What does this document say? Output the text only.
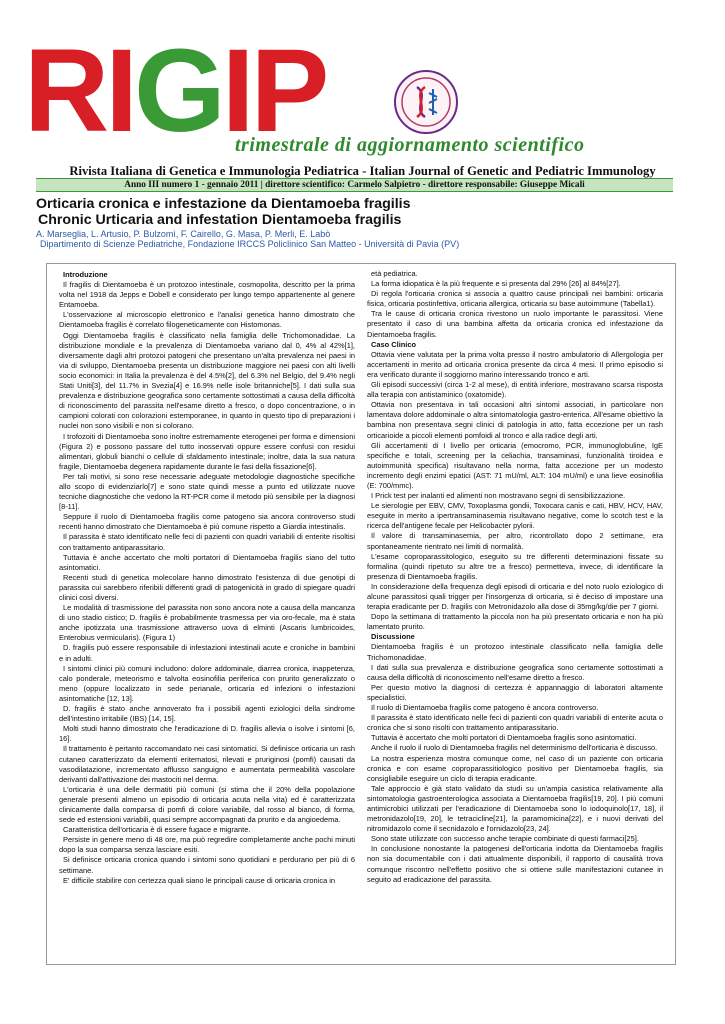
RIGIP
trimestrale di aggiornamento scientifico
Rivista Italiana di Genetica e Immunologia Pediatrica - Italian Journal of Genetic and Pediatric Immunology
Anno III numero 1 - gennaio 2011 | direttore scientifico: Carmelo Salpietro - direttore responsabile: Giuseppe Micali
Orticaria cronica e infestazione da Dientamoeba fragilis
Chronic Urticaria and infestation Dientamoeba fragilis
A. Marseglia, L. Artusio, P. Bulzomì, F. Cairello, G. Masa, P. Merli, E. Labò
Dipartimento di Scienze Pediatriche, Fondazione IRCCS Policlinico San Matteo - Università di Pavia (PV)
Introduzione

Il fragilis di Dientamoeba è un protozoo intestinale, cosmopolita, descritto per la prima volta nel 1918 da Jepps e Dobell e considerato per lungo tempo appartenente al genere Entamoeba.

L'osservazione al microscopio elettronico e l'analisi genetica hanno dimostrato che Dientamoeba fragilis è correlato filogeneticamente con Histomonas.

Oggi Dientamoeba fragilis è classificato nella famiglia delle Trichomonadidae. La distribuzione mondiale e la prevalenza di Dientamoeba variano dal 0, 4% al 42%[1], diversamente dagli altri protozoi patogeni che presentano un'alta prevalenza nei paesi in via di sviluppo, Dientamoeba presenta un distribuzione maggiore nei paesi con alti livelli socio economici: in Italia la prevalenza è del 4.5%[2], del 6.3% nel Belgio, del 9.4% negli Stati Uniti[3], del 11.7% in Svezia[4] e 16.9% nelle isole britanniche[5]. I dati sulla sua prevalenza e distribuzione geografica sono certamente sottostimati a causa della difficoltà di riconoscimento del parassita nell'esame diretto a fresco, o dopo concentrazione, o in campioni colorati con colorazioni estemporanee, in quanto in questo tipo di preparazioni i nuclei non sono visibili e non si colorano.

I trofozoiti di Dientamoeba sono inoltre estremamente eterogenei per forma e dimensioni (Figura 2) e possono passare del tutto inosservati oppure essere confusi con residui alimentari, globuli bianchi o cellule di sfaldamento intestinale; inoltre, data la sua natura fragile, Dientamoeba degenera rapidamente durante le fasi della fissazione[6].

Per tali motivi, si sono rese necessarie adeguate metodologie diagnostiche specifiche allo scopo di evidenziarlo[7] e sono state quindi messe a punto ed utilizzate nuove tecniche diagnostiche che vedono la RT-PCR come il metodo più sensibile per la diagnosi [8-11].

Seppure il ruolo di Dientamoeba fragilis come patogeno sia ancora controverso studi recenti hanno dimostrato che Dientamoeba è più comune rispetto a Giardia intestinalis.

Il parassita è stato identificato nelle feci di pazienti con quadri variabili di enterite risoltisi con trattamento antiparassitario.

Tuttavia è anche accertato che molti portatori di Dientamoeba fragilis siano del tutto asintomatici.

Recenti studi di genetica molecolare hanno dimostrato l'esistenza di due genotipi di parassita cui sarebbero riferibili differenti gradi di patogenicità in grado di spiegare quadri clinici così diversi.

Le modalità di trasmissione del parassita non sono ancora note a causa della mancanza di uno stadio cistico; D. fragilis è probabilmente trasmessa per via oro-fecale, ma è stata anche ipotizzata una trasmissione attraverso uova di elminti (Ascaris lumbricoides, Enterobius vermicularis). (Figura 1)

D. fragilis può essere responsabile di infestazioni intestinali acute e croniche in bambini e in adulti.

I sintomi clinici più comuni includono: dolore addominale, diarrea cronica, inappetenza, calo ponderale, meteorismo e talvolta eosinofilia periferica con prurito generalizzato o meno (oppure localizzato in sede perianale, orticaria ed infezioni o infestazioni asintomatiche [12, 13].

D. fragilis è stato anche annoverato fra i possibili agenti eziologici della sindrome dell'intestino irritabile (IBS) [14, 15].

Molti studi hanno dimostrato che l'eradicazione di D. fragilis allevia o isolve i sintomi [6, 16].

Il trattamento è pertanto raccomandato nei casi sintomatici. Si definisce orticaria un rash cutaneo caratterizzato da elementi eritematosi, rilevati e pruriginosi (pomfi) causati da vasodilatazione, incrementato afflusso sanguigno e aumentata permeabilità vascolare derivanti dall'attivazione dei mastociti nel derma.

L'orticaria è una delle dermatiti più comuni (si stima che il 20% della popolazione generale presenti almeno un episodio di orticaria acuta nella vita) ed è caratterizzata clinicamente dalla comparsa di pomfi di colore variabile, dal rosso al bianco, di forma, sede ed estensioni variabili, quasi sempre accompagnati da prurito e da angioedema.

Caratteristica dell'orticaria è di essere fugace e migrante.

Persiste in genere meno di 48 ore, ma può regredire completamente anche pochi minuti dopo la sua comparsa senza lasciare esiti.

Si definisce orticaria cronica quando i sintomi sono quotidiani e perdurano per più di 6 settimane.

E' difficile stabilire con certezza quali siano le principali cause di orticaria cronica in

età pediatrica.

La forma idiopatica è la più frequente e si presenta dal 29% [26] al 84%[27].

Di regola l'orticaria cronica si associa a quattro cause principali nei bambini: orticaria fisica, orticaria postinfettiva, orticaria allergica, orticaria su base autoimmune (Tabella1).

Tra le cause di orticaria cronica rivestono un ruolo importante le parassitosi. Viene presentato il caso di una bambina affetta da orticaria cronica ed infestazione da Dientamoeba fragilis.

Caso Clinico

Ottavia viene valutata per la prima volta presso il nostro ambulatorio di Allergologia per accertamenti in merito ad orticaria cronica presente da circa 4 mesi. Il primo episodio si era verificato durante il soggiorno marino interessando tronco e arti.

Gli episodi successivi (circa 1-2 al mese), di entità inferiore, mostravano scarsa risposta alla terapia con antistaminico (oxatomide).

Ottavia non presentava in tali occasioni altri sintomi associati, in particolare non lamentava dolore addominale o altra sintomatologia gastro-enterica. All'esame obiettivo la bambina non presentava segni clinici di patologia in atto, fatta eccezione per un rash orticarioide a piccoli elementi pomfoidi al tronco e alla radice degli arti.

Gli accertamenti di I livello per orticaria (emocromo, PCR, immunoglobuline, IgE specifiche e totali, screening per la celiachia, transaminasi, funzionalità tiroidea e autoimmunità specifica) risultavano nella norma, fatta accezione per un modesto incremento degli enzimi epatici (AST: 71 mU/ml, ALT: 104 mU/ml) e una lieve eosinofilia (E: 700/mmc).

I Prick test per inalanti ed alimenti non mostravano segni di sensibilizzazione.

Le sierologie per EBV, CMV, Toxoplasma gondii, Toxocara canis e cati, HBV, HCV, HAV, eseguite in merito a ipertransaminasemia risultavano negative, come lo scotch test e la ricerca dell'antigene fecale per Helicobacter pylorii.

Il valore di transaminasemia, per altro, ricontrollato dopo 2 settimane, era spontaneamente rientrato nei limiti di normalità.

L'esame coproparassitologico, eseguito su tre differenti determinazioni fissate su formalina (quindi ripetuto su altre tre a fresco) permetteva, invece, di identificare la presenza di Dientamoeba fragilis.

In considerazione della frequenza degli episodi di orticaria e del noto ruolo eziologico di alcune parassitosi quali trigger per l'insorgenza di orticaria, si è deciso di impostare una terapia eradicante per D. fragilis con Metronidazolo alla dose di 35mg/kg/die per 7 giorni.

Dopo la settimana di trattamento la piccola non ha più presentato orticaria e non ha più lamentato prurito.

Discussione

Dientamoeba fragilis è un protozoo intestinale classificato nella famiglia delle Trichomonadidae.

I dati sulla sua prevalenza e distribuzione geografica sono certamente sottostimati a causa della difficoltà di riconoscimento nell'esame diretto a fresco.

Per questo motivo la diagnosi di certezza è appannaggio di laboratori altamente specialistici.

Il ruolo di Dientamoeba fragilis come patogeno è ancora controverso.

Il parassita è stato identificato nelle feci di pazienti con quadri variabili di enterite acuta o cronica che si sono risolti con trattamento antiparassitario.

Tuttavia è accertato che molti portatori di Dientamoeba fragilis sono asintomatici.

Anche il ruolo il ruolo di Dientamoeba fragilis nel determinismo dell'orticaria è discusso.

La nostra esperienza mostra comunque come, nel caso di un paziente con orticaria cronica e con esame coproparassitiologico positivo per Dientamoeba fragilis, sia consigliabile eseguire un ciclo di terapia eradicante.

Tale approccio è già stato validato da studi su un'ampia casistica relativamente alla sintomatologia gastroenterologica associata a Dientamoeba fragilis[19, 20]. I più comuni antimicrobici utilizzati per l'eradicazione di Dientamoeba sono lo iodoquinolo[17, 18], il metronidazolo[19, 20], le tetracicline[21], la paramomicina[22], e i nuovi derivati del nitromidazolo come il secnidazolo e l'ornidazolo[23, 24].

Sono state utilizzate con successo anche terapie combinate di questi farmaci[25].

In conclusione nonostante la patogenesi dell'orticaria indotta da Dientamoeba fragilis non sia documentabile con i dati attualmente disponibili, il rapporto di causalità trova comunque riscontro nell'effetto positivo che si ottiene sulle manifestazioni cutanee in seguito ad eradicazione del parassita.
